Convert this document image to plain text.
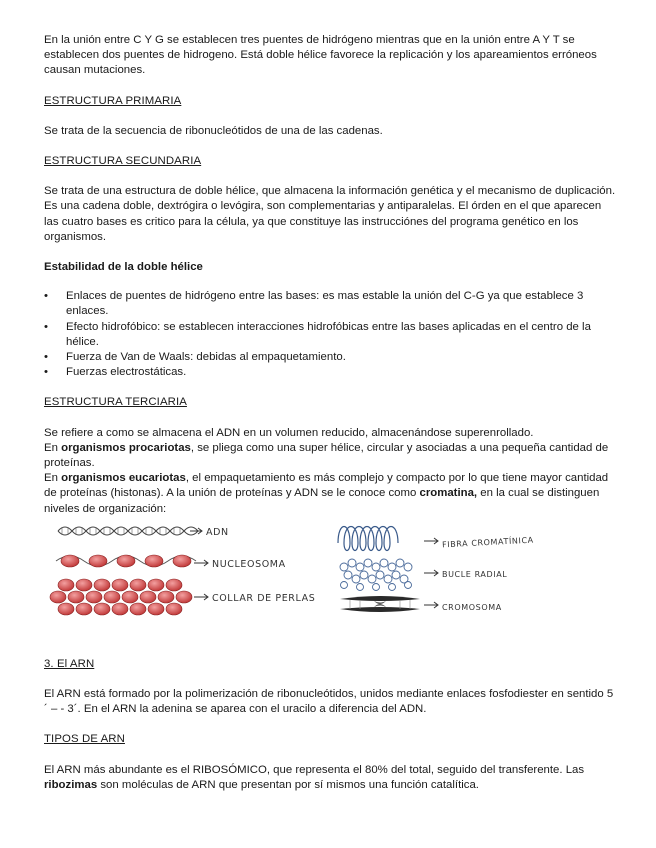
En la unión entre C Y G se establecen tres puentes de hidrógeno mientras que en la unión entre A Y T se establecen dos puentes de hidrogeno. Está doble hélice favorece la replicación y los apareamientos erróneos causan mutaciones.

ESTRUCTURA PRIMARIA

Se trata de la secuencia de ribonucleótidos de una de las cadenas.

ESTRUCTURA SECUNDARIA

Se trata de una estructura de doble hélice, que almacena la información genética y el mecanismo de duplicación. Es una cadena doble, dextrógira o levógira, son complementarias y antiparalelas. El órden en el que aparecen las cuatro bases es critico para la célula, ya que constituye las instrucciónes del programa genético en los organismos.

Estabilidad de la doble hélice

• Enlaces de puentes de hidrógeno entre las bases: es mas estable la unión del C-G ya que establece 3 enlaces.
• Efecto hidrofóbico: se establecen interacciones hidrofóbicas entre las bases aplicadas en el centro de la hélice.
• Fuerza de Van de Waals: debidas al empaquetamiento.
• Fuerzas electrostáticas.

ESTRUCTURA TERCIARIA

Se refiere a como se almacena el ADN en un volumen reducido, almacenándose superenrollado.

En organismos procariotas, se pliega como una super hélice, circular y asociadas a una pequeña cantidad de proteínas.

En organismos eucariotas, el empaquetamiento es más complejo y compacto por lo que tiene mayor cantidad de proteínas (histonas). A la unión de proteínas y ADN se le conoce como cromatina, en la cual se distinguen niveles de organización:

ADN
NUCLEOSOMA
COLLAR DE PERLAS
FIBRA CROMATÍNICA
BUCLE RADIAL
CROMOSOMA

3. El ARN

El ARN está formado por la polimerización de ribonucleótidos, unidos mediante enlaces fosfodiester en sentido 5´ – - 3´. En el ARN la adenina se aparea con el uracilo a diferencia del ADN.

TIPOS DE ARN

El ARN más abundante es el RIBOSÓMICO, que representa el 80% del total, seguido del transferente. Las ribozimas son moléculas de ARN que presentan por sí mismos una función catalítica.
